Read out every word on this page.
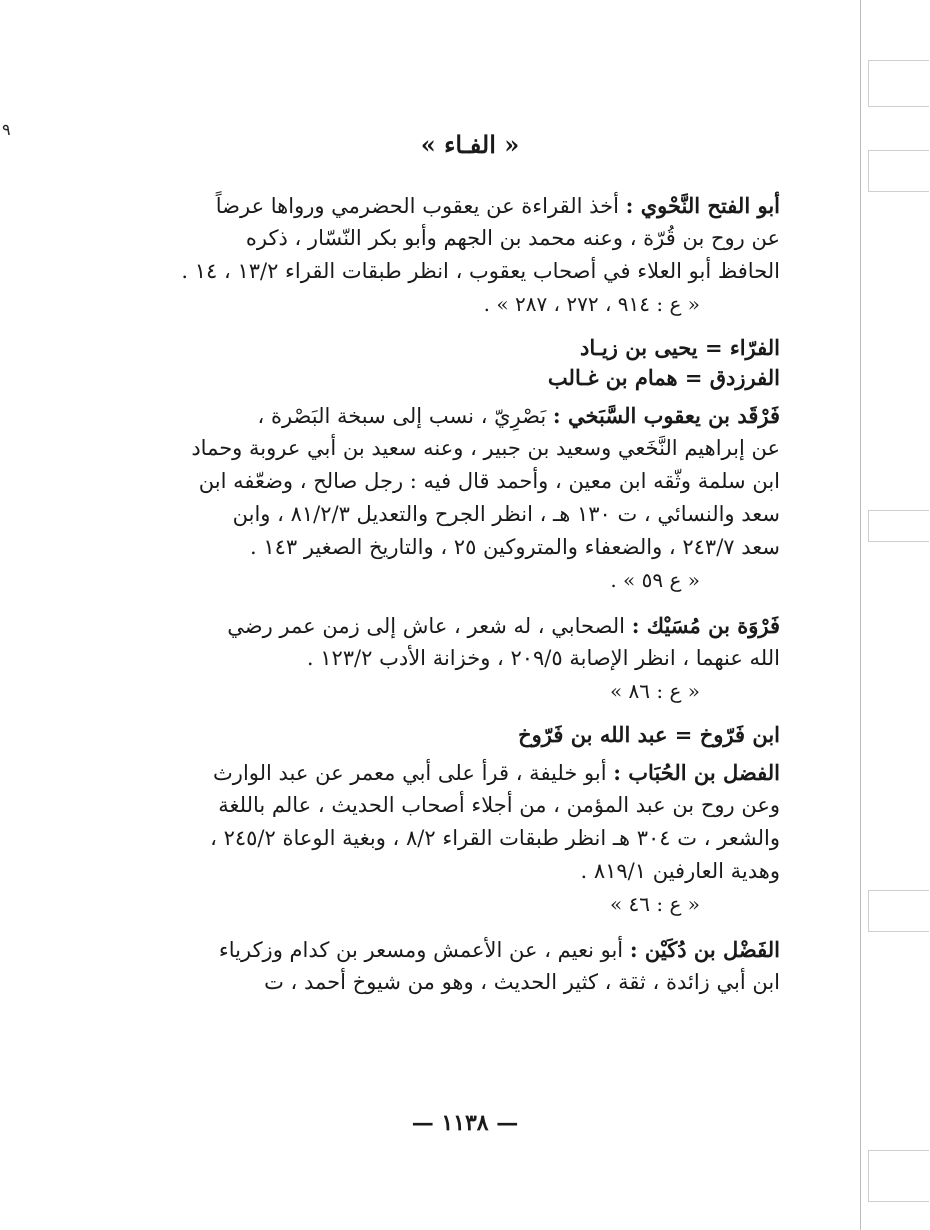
٩
« الفـاء »
أبو الفتح النَّحْوي : أخذ القراءة عن يعقوب الحضرمي ورواها عرضاً
عن روح بن قُرّة ، وعنه محمد بن الجهم وأبو بكر النّسّار ، ذكره
الحافظ أبو العلاء في أصحاب يعقوب ، انظر طبقات القراء ١٣/٢ ، ١٤ .
« ع : ٩١٤ ، ٢٧٢ ، ٢٨٧ » .
الفرّاء = يحيى بن زيـاد
الفرزدق = همام بن غـالب
فَرْقَد بن يعقوب السَّبَخي : بَصْرِيّ ، نسب إلى سبخة البَصْرة ،
عن إبراهيم النَّخَعي وسعيد بن جبير ، وعنه سعيد بن أبي عروبة وحماد
ابن سلمة وثّقه ابن معين ، وأحمد قال فيه : رجل صالح ، وضعّفه ابن
سعد والنسائي ، ت ١٣٠ هـ ، انظر الجرح والتعديل ٨١/٢/٣ ، وابن
سعد ٢٤٣/٧ ، والضعفاء والمتروكين ٢٥ ، والتاريخ الصغير ١٤٣ .
« ع ٥٩ » .
فَرْوَة بن مُسَيْك : الصحابي ، له شعر ، عاش إلى زمن عمر رضي
الله عنهما ، انظر الإصابة ٢٠٩/٥ ، وخزانة الأدب ١٢٣/٢ .
« ع : ٨٦ »
ابن فَرّوخ = عبد الله بن فَرّوخ
الفضل بن الحُبَاب : أبو خليفة ، قرأ على أبي معمر عن عبد الوارث
وعن روح بن عبد المؤمن ، من أجلاء أصحاب الحديث ، عالم باللغة
والشعر ، ت ٣٠٤ هـ انظر طبقات القراء ٨/٢ ، وبغية الوعاة ٢٤٥/٢ ،
وهدية العارفين ٨١٩/١ .
« ع : ٤٦ »
الفَضْل بن دُكَيْن : أبو نعيم ، عن الأعمش ومسعر بن كدام وزكرياء
ابن أبي زائدة ، ثقة ، كثير الحديث ، وهو من شيوخ أحمد ، ت
— ١١٣٨ —
